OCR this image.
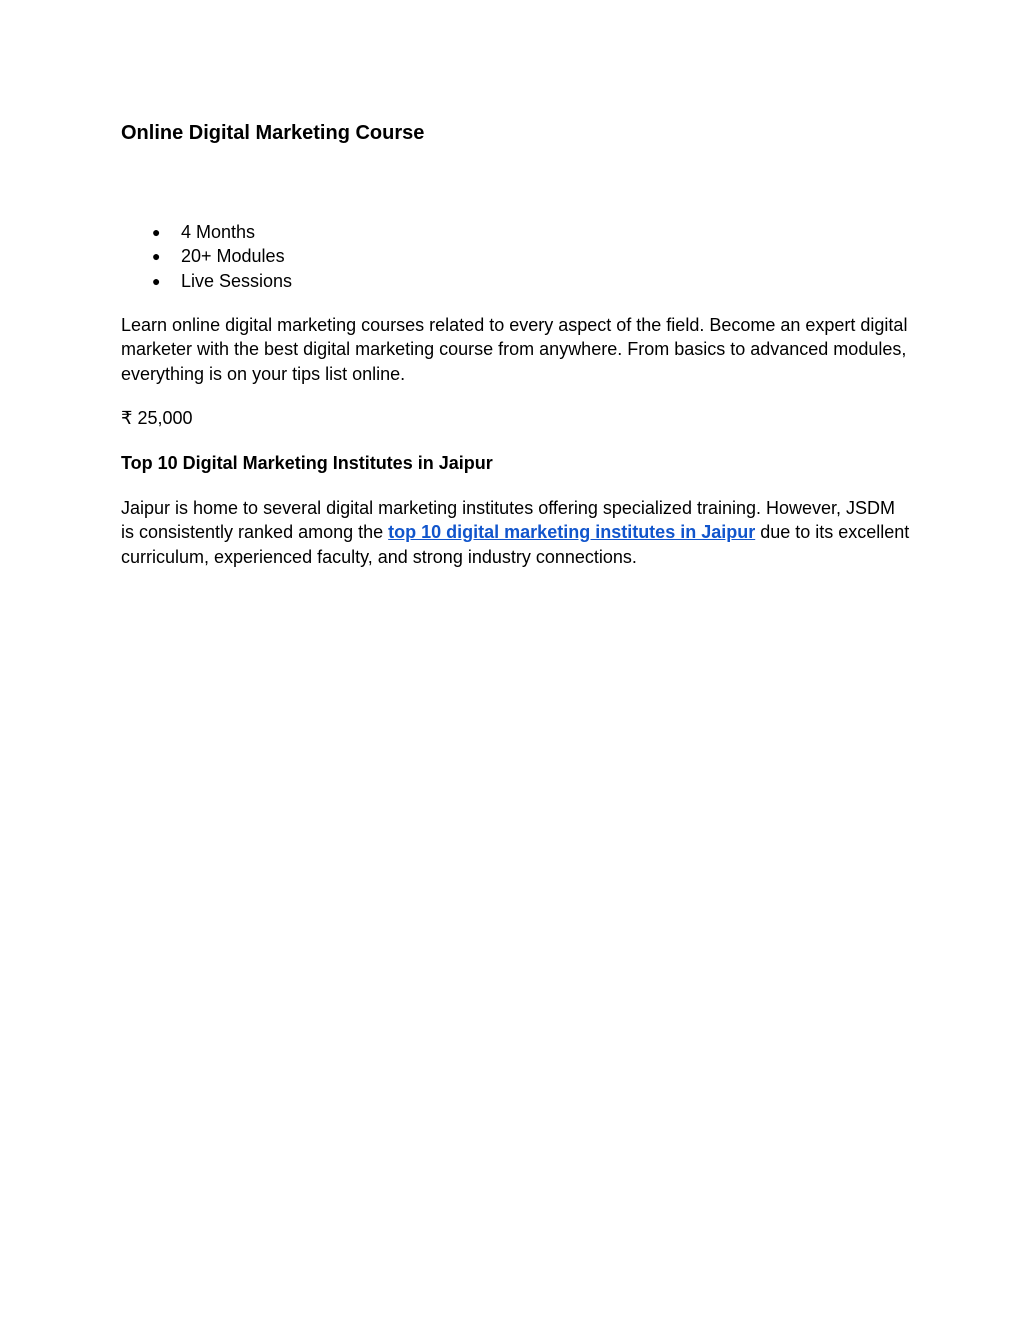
Online Digital Marketing Course
● 4 Months
● 20+ Modules
● Live Sessions

Learn online digital marketing courses related to every aspect of the field. Become an expert digital marketer with the best digital marketing course from anywhere. From basics to advanced modules, everything is on your tips list online.

₹ 25,000

Top 10 Digital Marketing Institutes in Jaipur

Jaipur is home to several digital marketing institutes offering specialized training. However, JSDM is consistently ranked among the top 10 digital marketing institutes in Jaipur due to its excellent curriculum, experienced faculty, and strong industry connections.
